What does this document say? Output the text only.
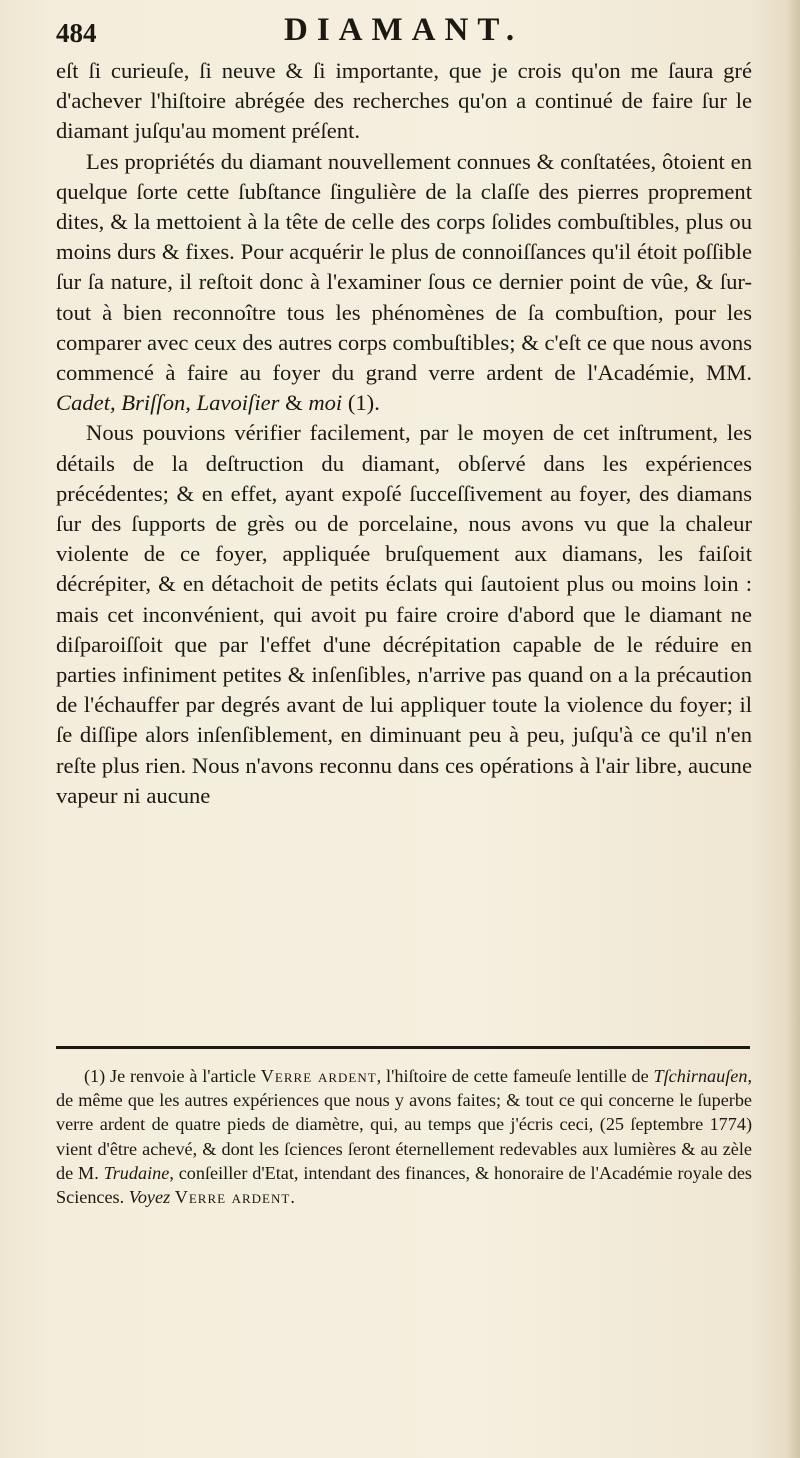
484	DIAMANT.

eſt ſi curieuſe, ſi neuve & ſi importante, que je crois qu'on me ſaura gré d'achever l'hiſtoire abrégée des recherches qu'on a continué de faire ſur le diamant juſqu'au moment préſent.

Les propriétés du diamant nouvellement connues & conſtatées, ôtoient en quelque ſorte cette ſubſtance ſingulière de la claſſe des pierres proprement dites, & la mettoient à la tête de celle des corps ſolides combuſtibles, plus ou moins durs & fixes. Pour acquérir le plus de connoiſſances qu'il étoit poſſible ſur ſa nature, il reſtoit donc à l'examiner ſous ce dernier point de vûe, & ſur-tout à bien reconnoître tous les phénomènes de ſa combuſtion, pour les comparer avec ceux des autres corps combuſtibles; & c'eſt ce que nous avons commencé à faire au foyer du grand verre ardent de l'Académie, MM. Cadet, Briſſon, Lavoiſier & moi (1).

Nous pouvions vérifier facilement, par le moyen de cet inſtrument, les détails de la deſtruction du diamant, obſervé dans les expériences précédentes; & en effet, ayant expoſé ſucceſſivement au foyer, des diamans ſur des ſupports de grès ou de porcelaine, nous avons vu que la chaleur violente de ce foyer, appliquée bruſquement aux diamans, les faiſoit décrépiter, & en détachoit de petits éclats qui ſautoient plus ou moins loin : mais cet inconvénient, qui avoit pu faire croire d'abord que le diamant ne diſparoiſſoit que par l'effet d'une décrépitation capable de le réduire en parties infiniment petites & inſenſibles, n'arrive pas quand on a la précaution de l'échauffer par degrés avant de lui appliquer toute la violence du foyer; il ſe diſſipe alors inſenſiblement, en diminuant peu à peu, juſqu'à ce qu'il n'en reſte plus rien. Nous n'avons reconnu dans ces opérations à l'air libre, aucune vapeur ni aucune

(1) Je renvoie à l'article Verre ardent, l'hiſtoire de cette fameuſe lentille de Tſchirnauſen, de même que les autres expériences que nous y avons faites; & tout ce qui concerne le ſuperbe verre ardent de quatre pieds de diamètre, qui, au temps que j'écris ceci, (25 ſeptembre 1774) vient d'être achevé, & dont les ſciences ſeront éternellement redevables aux lumières & au zèle de M. Trudaine, conſeiller d'Etat, intendant des finances, & honoraire de l'Académie royale des Sciences. Voyez Verre ardent.
